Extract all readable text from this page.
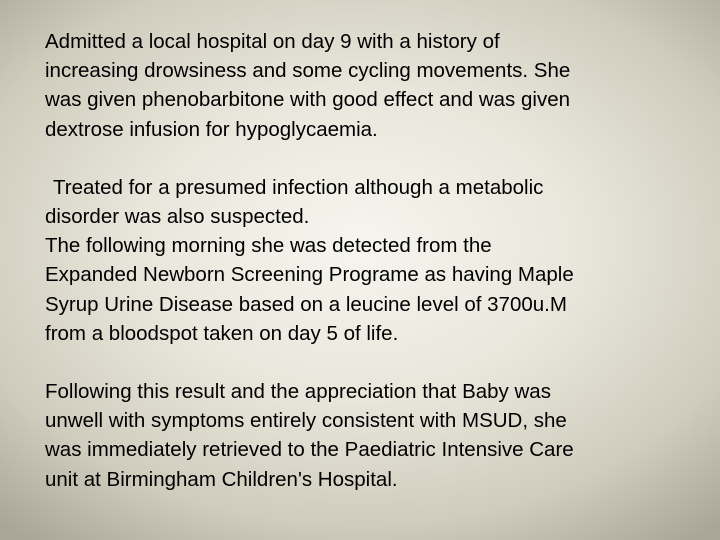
Admitted a local hospital on day 9 with a history of
increasing drowsiness and some cycling movements. She
was given phenobarbitone with good effect and was given
dextrose infusion for hypoglycaemia.

Treated for a presumed infection although a metabolic
disorder was also suspected.
The following morning she was detected from the
Expanded Newborn Screening Programe as having Maple
Syrup Urine Disease based on a leucine level of 3700u.M
from a bloodspot taken on day 5 of life.

Following this result and the appreciation that Baby was
unwell with symptoms entirely consistent with MSUD, she
was immediately retrieved to the Paediatric Intensive Care
unit at Birmingham Children's Hospital.
